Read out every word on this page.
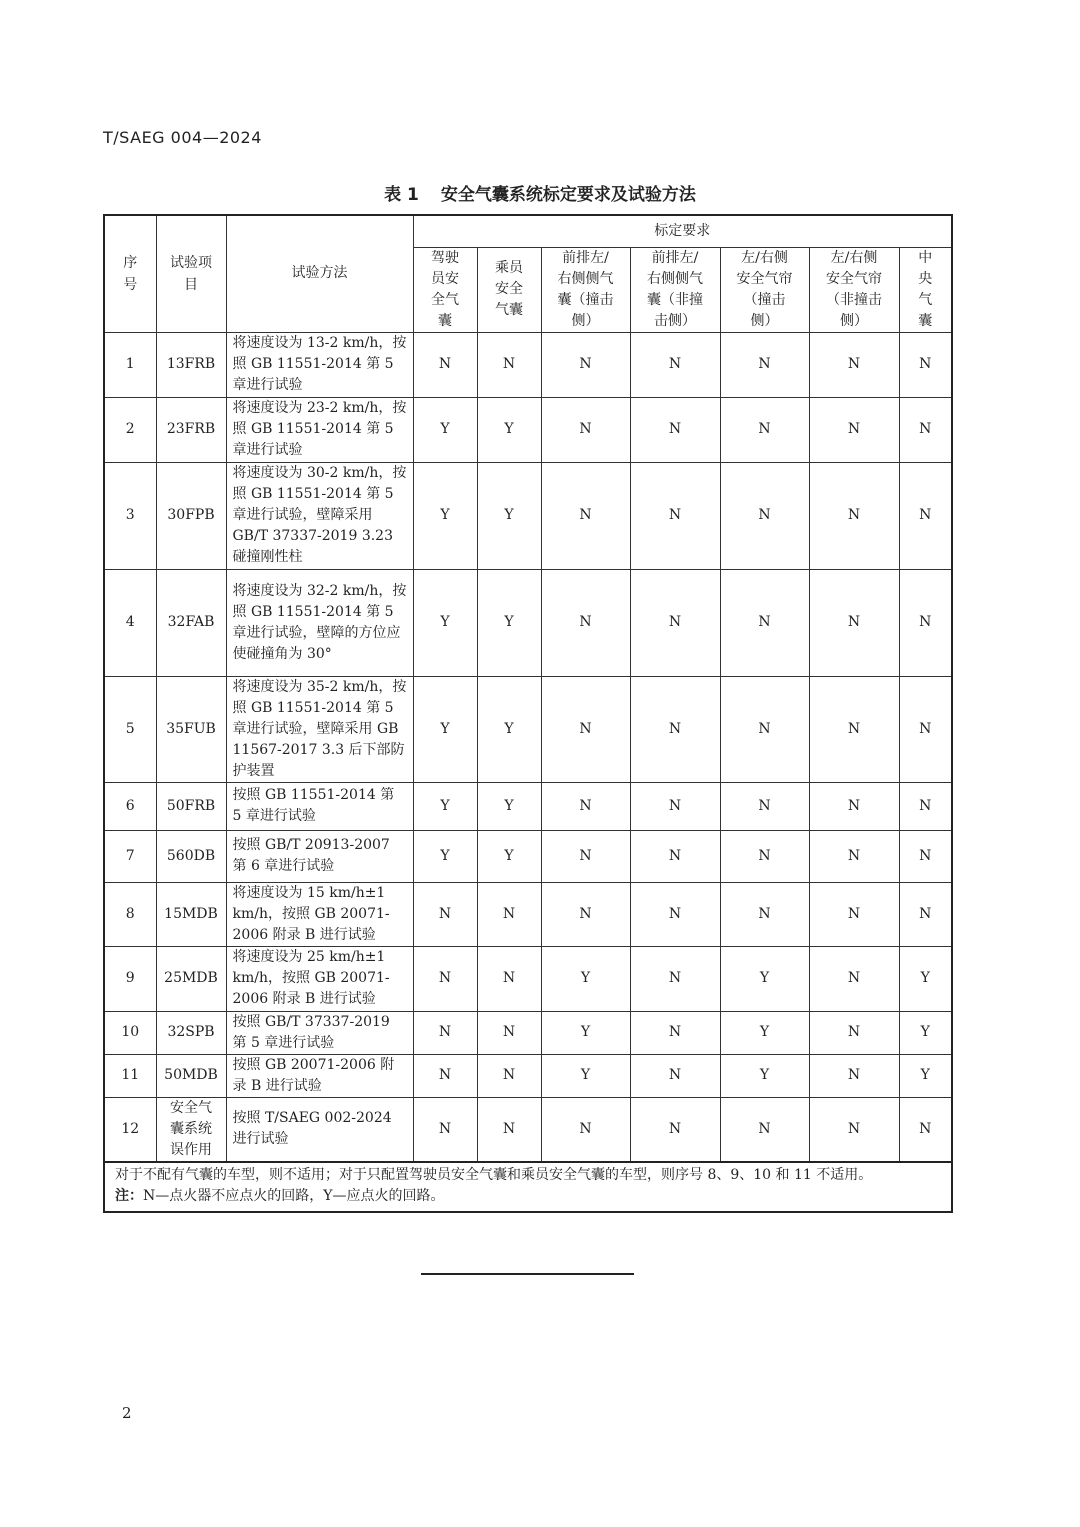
T/SAEG 004—2024
表 1 安全气囊系统标定要求及试验方法
序号	试验项目	试验方法	标定要求						

			驾驶员安全气囊	乘员安全气囊	前排左/右侧侧气囊（撞击侧）	前排左/右侧侧气囊（非撞击侧）	左/右侧安全气帘（撞击侧）	左/右侧安全气帘（非撞击侧）	中央气囊

1	13FRB	将速度设为 13-2 km/h，按照 GB 11551-2014 第 5 章进行试验	N	N	N	N	N	N	N
2	23FRB	将速度设为 23-2 km/h，按照 GB 11551-2014 第 5 章进行试验	Y	Y	N	N	N	N	N
3	30FPB	将速度设为 30-2 km/h，按照 GB 11551-2014 第 5 章进行试验，壁障采用 GB/T 37337-2019 3.23 碰撞刚性柱	Y	Y	N	N	N	N	N
4	32FAB	将速度设为 32-2 km/h，按照 GB 11551-2014 第 5 章进行试验，壁障的方位应使碰撞角为 30°	Y	Y	N	N	N	N	N
5	35FUB	将速度设为 35-2 km/h，按照 GB 11551-2014 第 5 章进行试验，壁障采用 GB 11567-2017 3.3 后下部防护装置	Y	Y	N	N	N	N	N
6	50FRB	按照 GB 11551-2014 第 5 章进行试验	Y	Y	N	N	N	N	N
7	560DB	按照 GB/T 20913-2007 第 6 章进行试验	Y	Y	N	N	N	N	N
8	15MDB	将速度设为 15 km/h±1 km/h，按照 GB 20071-2006 附录 B 进行试验	N	N	N	N	N	N	N
9	25MDB	将速度设为 25 km/h±1 km/h，按照 GB 20071-2006 附录 B 进行试验	N	N	Y	N	Y	N	Y
10	32SPB	按照 GB/T 37337-2019 第 5 章进行试验	N	N	Y	N	Y	N	Y
11	50MDB	按照 GB 20071-2006 附录 B 进行试验	N	N	Y	N	Y	N	Y
12	安全气囊系统误作用	按照 T/SAEG 002-2024 进行试验	N	N	N	N	N	N	N

对于不配有气囊的车型，则不适用；对于只配置驾驶员安全气囊和乘员安全气囊的车型，则序号 8、9、10 和 11 不适用。
注：N—点火器不应点火的回路，Y—应点火的回路。									
2
